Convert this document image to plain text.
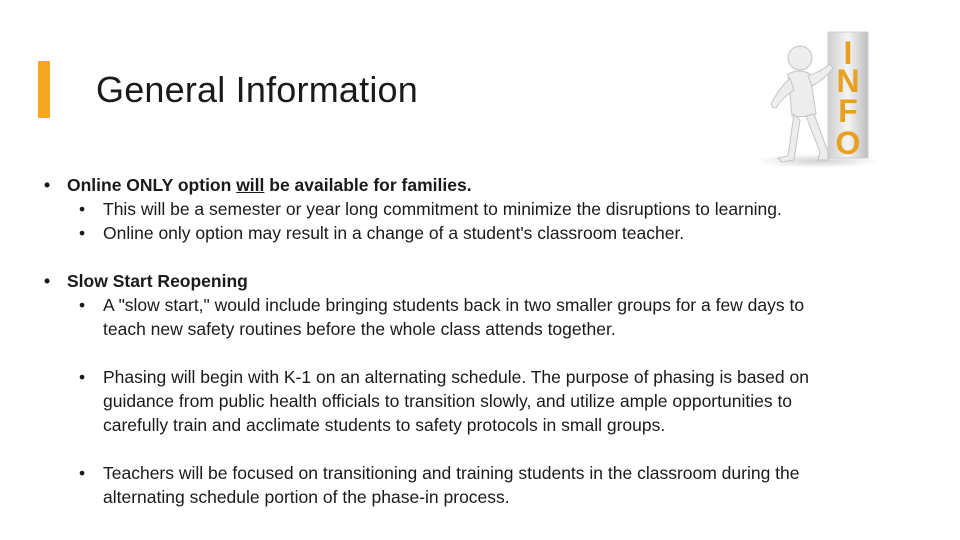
General Information
I
N
F
O
• Online ONLY option will be available for families.
• This will be a semester or year long commitment to minimize the disruptions to learning.
• Online only option may result in a change of a student's classroom teacher.
• Slow Start Reopening
• A "slow start," would include bringing students back in two smaller groups for a few days to
teach new safety routines before the whole class attends together.
• Phasing will begin with K-1 on an alternating schedule. The purpose of phasing is based on
guidance from public health officials to transition slowly, and utilize ample opportunities to
carefully train and acclimate students to safety protocols in small groups.
• Teachers will be focused on transitioning and training students in the classroom during the
alternating schedule portion of the phase-in process.
